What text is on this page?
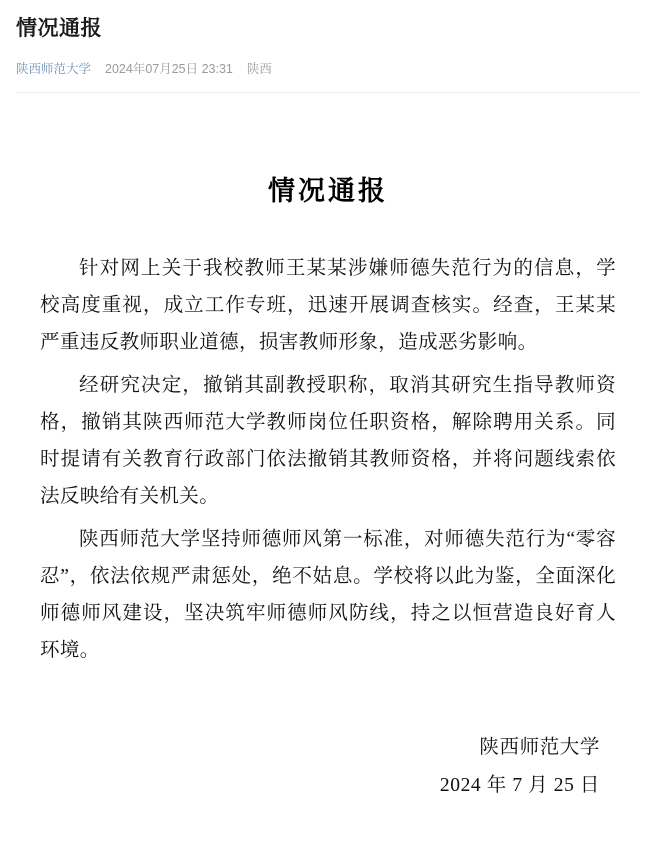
情况通报
陕西师范大学 2024年07月25日 23:31 陕西
情况通报

针对网上关于我校教师王某某涉嫌师德失范行为的信息，学校高度重视，成立工作专班，迅速开展调查核实。经查，王某某严重违反教师职业道德，损害教师形象，造成恶劣影响。

经研究决定，撤销其副教授职称，取消其研究生指导教师资格，撤销其陕西师范大学教师岗位任职资格，解除聘用关系。同时提请有关教育行政部门依法撤销其教师资格，并将问题线索依法反映给有关机关。

陕西师范大学坚持师德师风第一标准，对师德失范行为“零容忍”，依法依规严肃惩处，绝不姑息。学校将以此为鉴，全面深化师德师风建设，坚决筑牢师德师风防线，持之以恒营造良好育人环境。

陕西师范大学
2024 年 7 月 25 日
